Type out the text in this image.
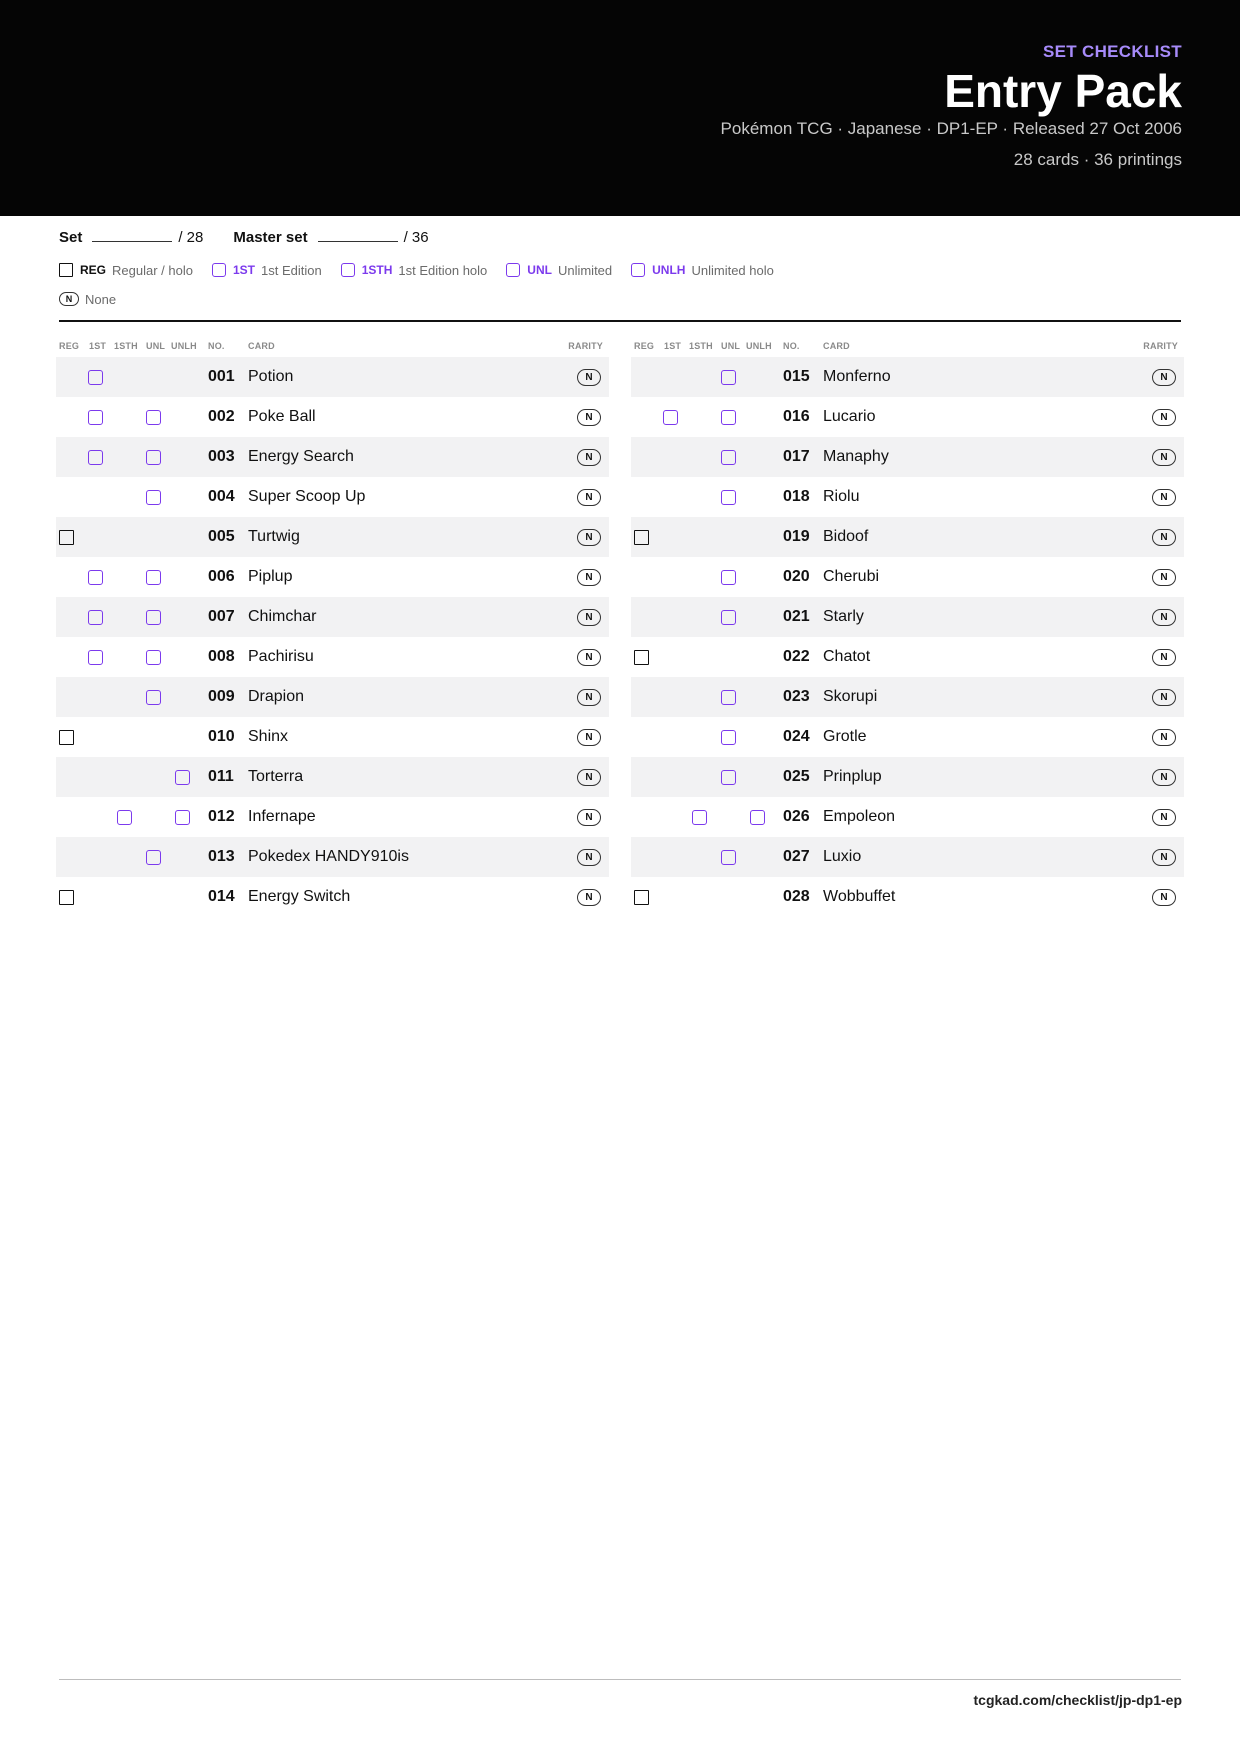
SET CHECKLIST
Entry Pack
Pokémon TCG · Japanese · DP1-EP · Released 27 Oct 2006
28 cards · 36 printings
Set	/ 28 Master set	/ 36
REG Regular / holo	1ST 1st Edition	1STH 1st Edition holo	UNL Unlimited	UNLH Unlimited holo
N None
REG 1ST 1STH UNL UNLH NO.	CARD	RARITY
001 Potion	N
002 Poke Ball	N
003 Energy Search	N
004 Super Scoop Up	N
005 Turtwig	N
006 Piplup	N
007 Chimchar	N
008 Pachirisu	N
009 Drapion	N
010 Shinx	N
011 Torterra	N
012 Infernape	N
013 Pokedex HANDY910is	N
014 Energy Switch	N
REG 1ST 1STH UNL UNLH NO.	CARD	RARITY
015 Monferno	N
016 Lucario	N
017 Manaphy	N
018 Riolu	N
019 Bidoof	N
020 Cherubi	N
021 Starly	N
022 Chatot	N
023 Skorupi	N
024 Grotle	N
025 Prinplup	N
026 Empoleon	N
027 Luxio	N
028 Wobbuffet	N
tcgkad.com/checklist/jp-dp1-ep
